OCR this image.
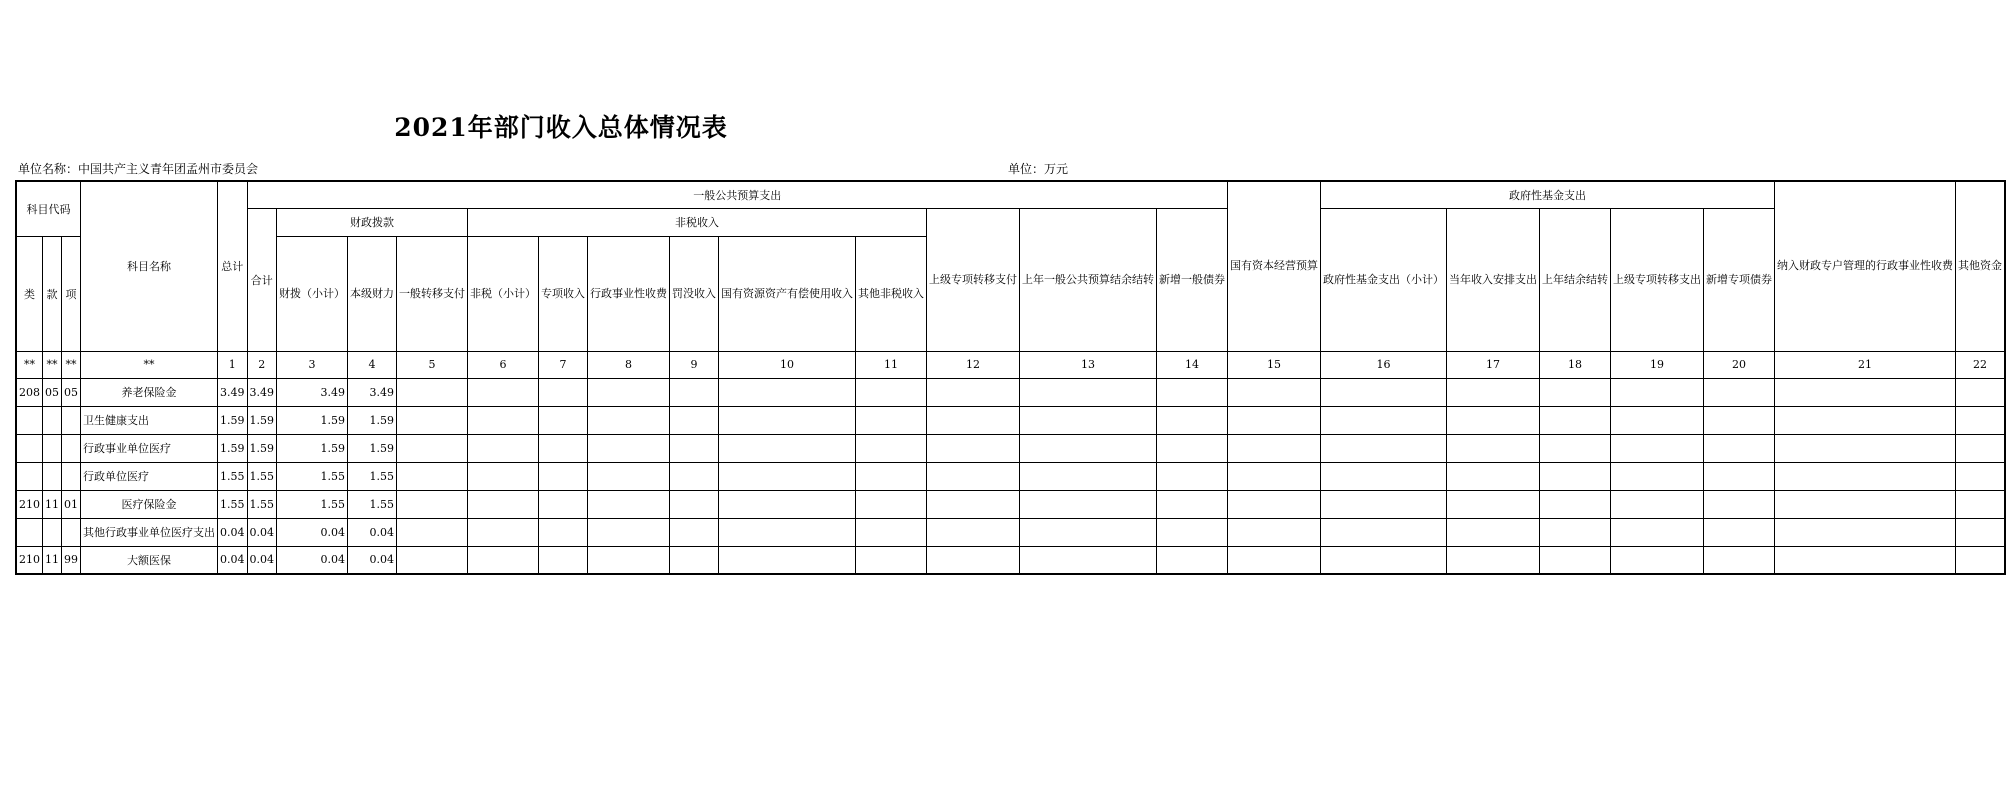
2021年部门收入总体情况表
单位名称：中国共产主义青年团孟州市委员会	单位：万元
科目代码			科目名称	总计	一般公共预算支出													国有资本经营预算	政府性基金支出					纳入财政专户管理的行政事业性收费	其他资金
					合计	财政拨款			非税收入						上级专项转移支付	上年一般公共预算结余结转	新增一般债券		政府性基金支出（小计）	当年收入安排支出	上年结余结转	上级专项转移支出	新增专项债券		
类	款	项				财拨（小计）	本级财力	一般转移支付	非税（小计）	专项收入	行政事业性收费	罚没收入	国有资源资产有偿使用收入	其他非税收入											
**	**	**	**	1	2	3	4	5	6	7	8	9	10	11	12	13	14	15	16	17	18	19	20	21	22
208	05	05	养老保险金	3.49	3.49	3.49	3.49																		
			卫生健康支出	1.59	1.59	1.59	1.59																		
			行政事业单位医疗	1.59	1.59	1.59	1.59																		
			行政单位医疗	1.55	1.55	1.55	1.55																		
210	11	01	医疗保险金	1.55	1.55	1.55	1.55																		
			其他行政事业单位医疗支出	0.04	0.04	0.04	0.04																		
210	11	99	大额医保	0.04	0.04	0.04	0.04																		
